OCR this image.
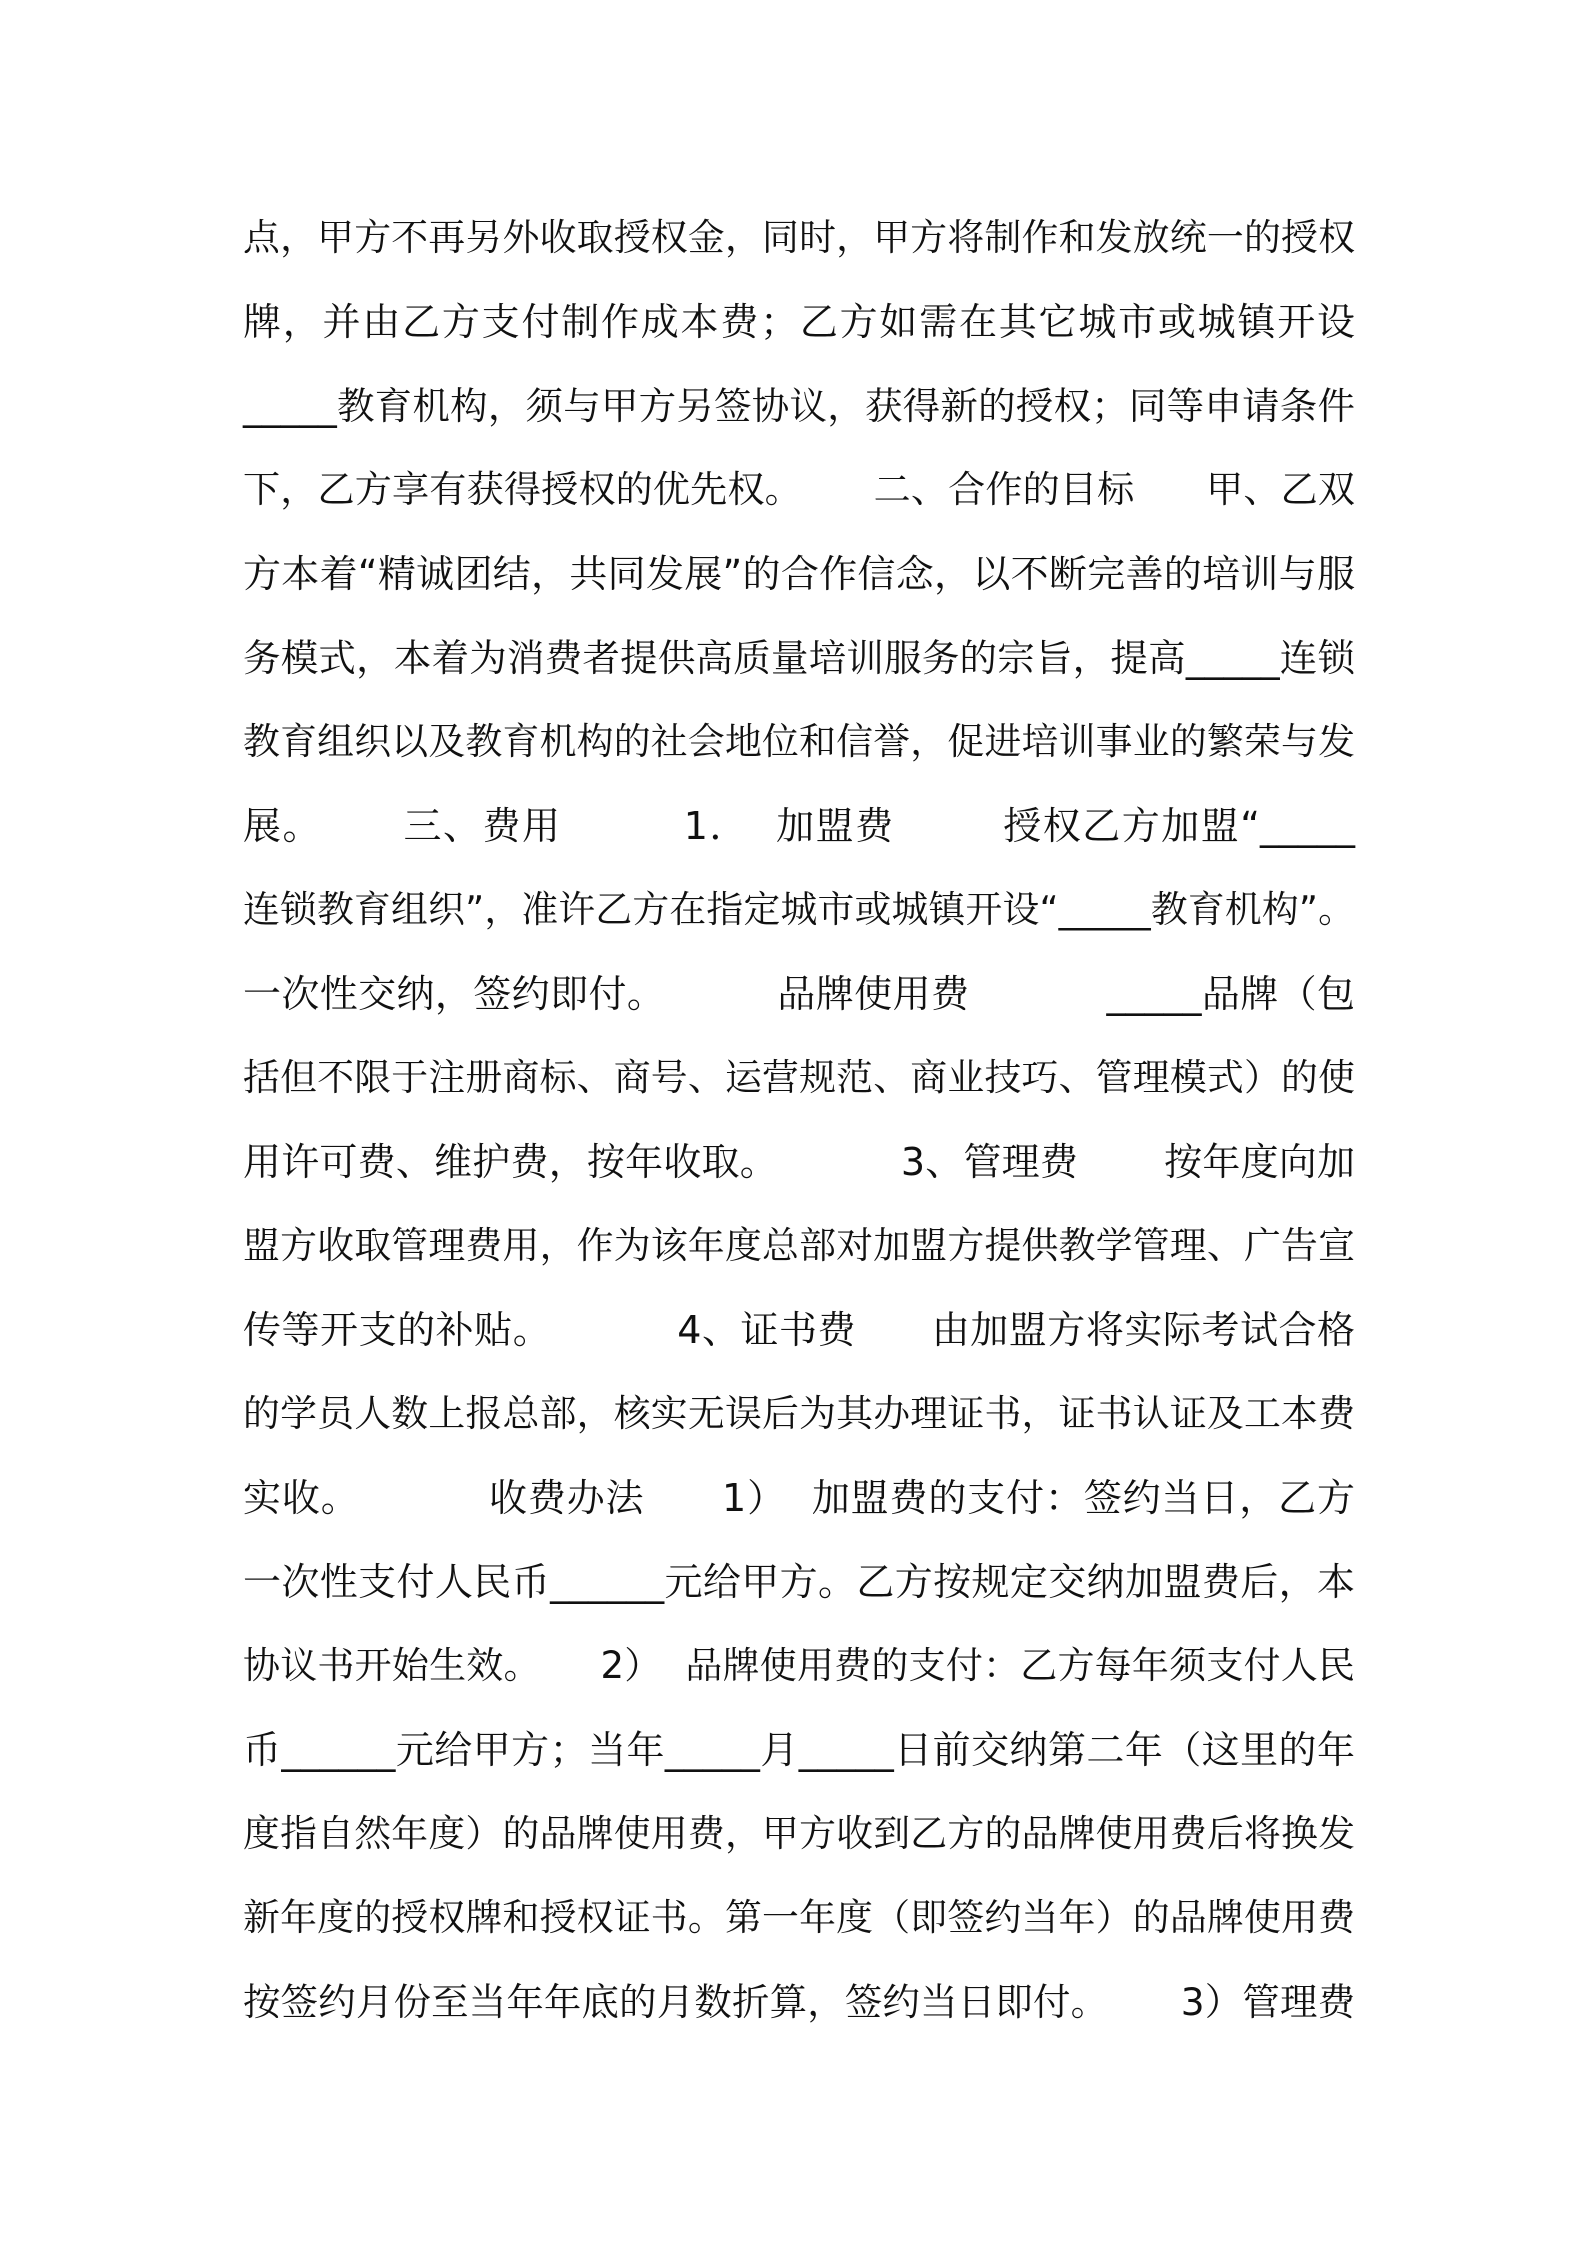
点，甲方不再另外收取授权金，同时，甲方将制作和发放统一的授权
牌，并由乙方支付制作成本费；乙方如需在其它城市或城镇开设
_____教育机构，须与甲方另签协议，获得新的授权；同等申请条件
下，乙方享有获得授权的优先权。      二、合作的目标      甲、乙双
方本着“精诚团结，共同发展”的合作信念，以不断完善的培训与服
务模式，本着为消费者提供高质量培训服务的宗旨，提高_____连锁
教育组织以及教育机构的社会地位和信誉，促进培训事业的繁荣与发
展。      三、费用         1．  加盟费        授权乙方加盟“_____
连锁教育组织”，准许乙方在指定城市或城镇开设“_____教育机构”。
一次性交纳，签约即付。         品牌使用费           _____品牌（包
括但不限于注册商标、商号、运营规范、商业技巧、管理模式）的使
用许可费、维护费，按年收取。          3、管理费       按年度向加
盟方收取管理费用，作为该年度总部对加盟方提供教学管理、广告宣
传等开支的补贴。          4、证书费      由加盟方将实际考试合格
的学员人数上报总部，核实无误后为其办理证书，证书认证及工本费
实收。          收费办法      1）  加盟费的支付：签约当日，乙方
一次性支付人民币______元给甲方。乙方按规定交纳加盟费后，本
协议书开始生效。     2）  品牌使用费的支付：乙方每年须支付人民
币______元给甲方；当年_____月_____日前交纳第二年（这里的年
度指自然年度）的品牌使用费，甲方收到乙方的品牌使用费后将换发
新年度的授权牌和授权证书。第一年度（即签约当年）的品牌使用费
按签约月份至当年年底的月数折算，签约当日即付。      3）管理费
